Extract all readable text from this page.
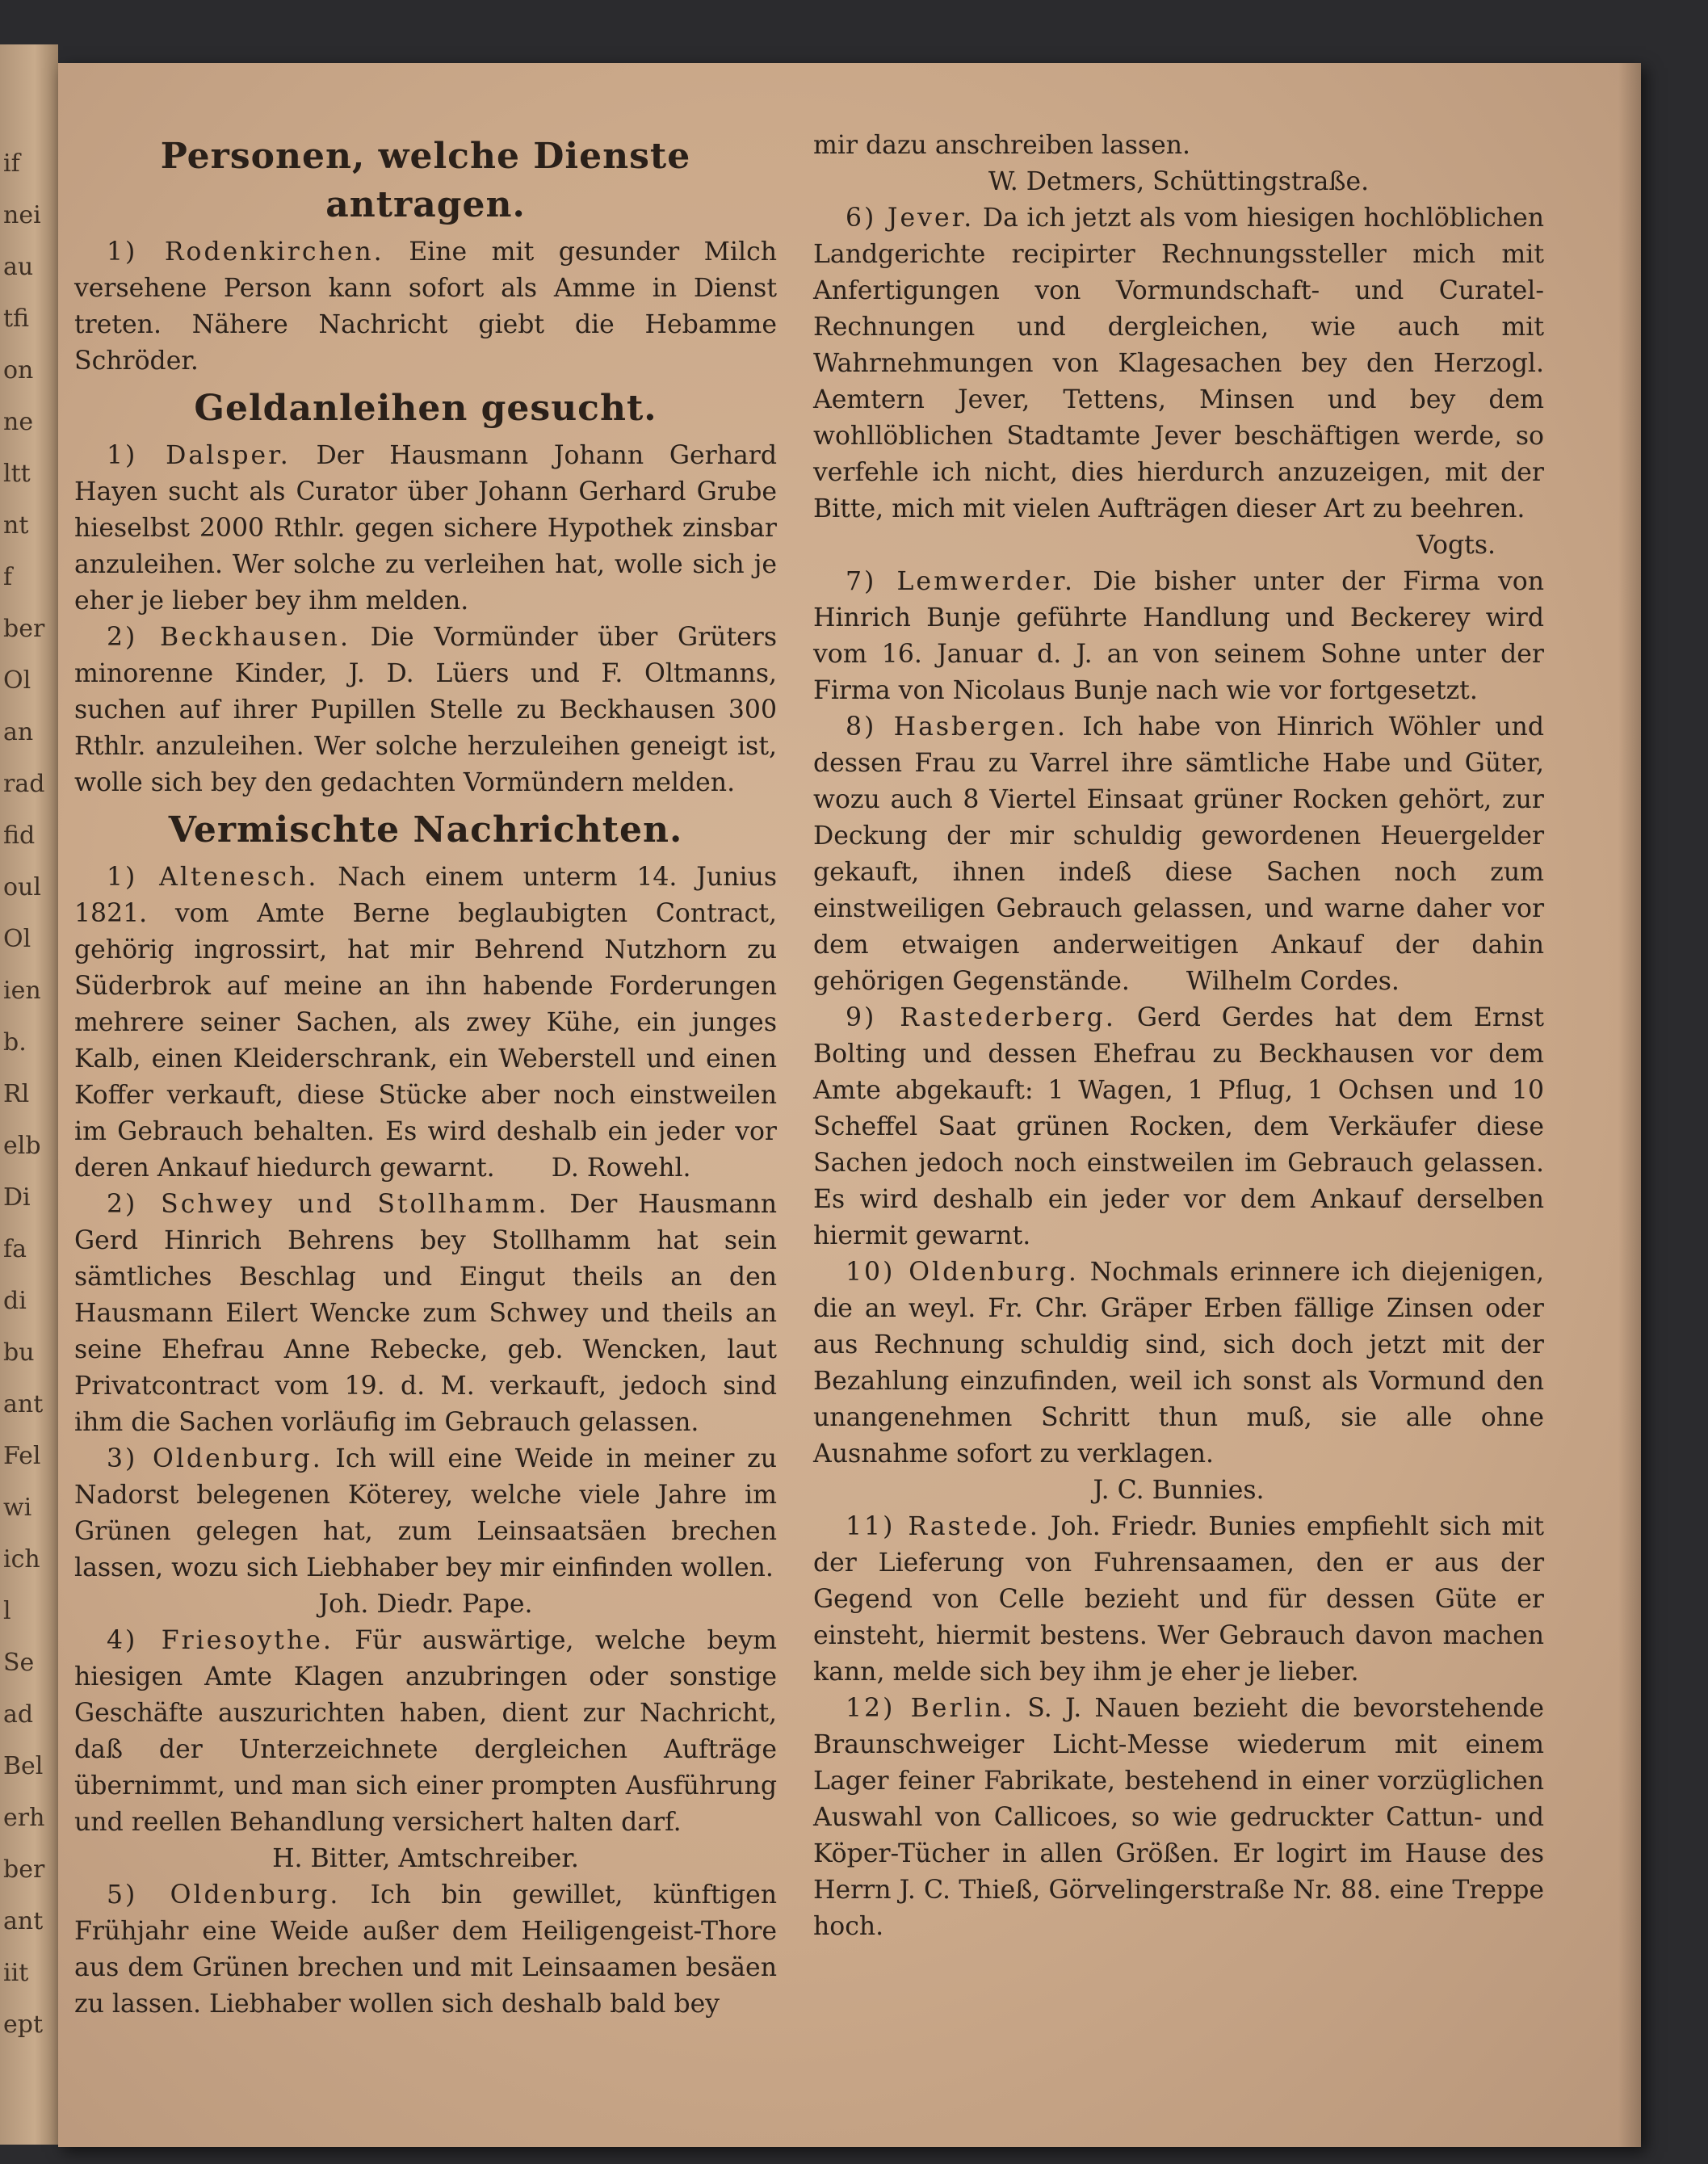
if
nei
au
tfi
on
ne
ltt
nt
f
ber
Ol
an
rad
fid
oul
Ol
ien
b.
Rl
elb
Di
fa
di
bu
ant
Fel
wi
ich
l
Se
ad
Bel
erh
ber
ant
iit
ept
Personen, welche Dienste antragen.

1) Rodenkirchen. Eine mit gesunder Milch versehene Person kann sofort als Amme in Dienst treten. Nähere Nachricht giebt die Hebamme Schröder.

Geldanleihen gesucht.

1) Dalsper. Der Hausmann Johann Gerhard Hayen sucht als Curator über Johann Gerhard Grube hieselbst 2000 Rthlr. gegen sichere Hypothek zinsbar anzuleihen. Wer solche zu verleihen hat, wolle sich je eher je lieber bey ihm melden.

2) Beckhausen. Die Vormünder über Grüters minorenne Kinder, J. D. Lüers und F. Oltmanns, suchen auf ihrer Pupillen Stelle zu Beckhausen 300 Rthlr. anzuleihen. Wer solche herzuleihen geneigt ist, wolle sich bey den gedachten Vormündern melden.

Vermischte Nachrichten.

1) Altenesch. Nach einem unterm 14. Junius 1821. vom Amte Berne beglaubigten Contract, gehörig ingrossirt, hat mir Behrend Nutzhorn zu Süderbrok auf meine an ihn habende Forderungen mehrere seiner Sachen, als zwey Kühe, ein junges Kalb, einen Kleiderschrank, ein Weberstell und einen Koffer verkauft, diese Stücke aber noch einstweilen im Gebrauch behalten. Es wird deshalb ein jeder vor deren Ankauf hiedurch gewarnt. D. Rowehl.

2) Schwey und Stollhamm. Der Hausmann Gerd Hinrich Behrens bey Stollhamm hat sein sämtliches Beschlag und Eingut theils an den Hausmann Eilert Wencke zum Schwey und theils an seine Ehefrau Anne Rebecke, geb. Wencken, laut Privatcontract vom 19. d. M. verkauft, jedoch sind ihm die Sachen vorläufig im Gebrauch gelassen.

3) Oldenburg. Ich will eine Weide in meiner zu Nadorst belegenen Köterey, welche viele Jahre im Grünen gelegen hat, zum Leinsaatsäen brechen lassen, wozu sich Liebhaber bey mir einfinden wollen.

Joh. Diedr. Pape.

4) Friesoythe. Für auswärtige, welche beym hiesigen Amte Klagen anzubringen oder sonstige Geschäfte auszurichten haben, dient zur Nachricht, daß der Unterzeichnete dergleichen Aufträge übernimmt, und man sich einer prompten Ausführung und reellen Behandlung versichert halten darf.

H. Bitter, Amtschreiber.

5) Oldenburg. Ich bin gewillet, künftigen Frühjahr eine Weide außer dem Heiligengeist-Thore aus dem Grünen brechen und mit Leinsaamen besäen zu lassen. Liebhaber wollen sich deshalb bald bey

mir dazu anschreiben lassen.

W. Detmers, Schüttingstraße.

6) Jever. Da ich jetzt als vom hiesigen hochlöblichen Landgerichte recipirter Rechnungssteller mich mit Anfertigungen von Vormundschaft- und Curatel-Rechnungen und dergleichen, wie auch mit Wahrnehmungen von Klagesachen bey den Herzogl. Aemtern Jever, Tettens, Minsen und bey dem wohllöblichen Stadtamte Jever beschäftigen werde, so verfehle ich nicht, dies hierdurch anzuzeigen, mit der Bitte, mich mit vielen Aufträgen dieser Art zu beehren.

Vogts.

7) Lemwerder. Die bisher unter der Firma von Hinrich Bunje geführte Handlung und Beckerey wird vom 16. Januar d. J. an von seinem Sohne unter der Firma von Nicolaus Bunje nach wie vor fortgesetzt.

8) Hasbergen. Ich habe von Hinrich Wöhler und dessen Frau zu Varrel ihre sämtliche Habe und Güter, wozu auch 8 Viertel Einsaat grüner Rocken gehört, zur Deckung der mir schuldig gewordenen Heuergelder gekauft, ihnen indeß diese Sachen noch zum einstweiligen Gebrauch gelassen, und warne daher vor dem etwaigen anderweitigen Ankauf der dahin gehörigen Gegenstände. Wilhelm Cordes.

9) Rastederberg. Gerd Gerdes hat dem Ernst Bolting und dessen Ehefrau zu Beckhausen vor dem Amte abgekauft: 1 Wagen, 1 Pflug, 1 Ochsen und 10 Scheffel Saat grünen Rocken, dem Verkäufer diese Sachen jedoch noch einstweilen im Gebrauch gelassen. Es wird deshalb ein jeder vor dem Ankauf derselben hiermit gewarnt.

10) Oldenburg. Nochmals erinnere ich diejenigen, die an weyl. Fr. Chr. Gräper Erben fällige Zinsen oder aus Rechnung schuldig sind, sich doch jetzt mit der Bezahlung einzufinden, weil ich sonst als Vormund den unangenehmen Schritt thun muß, sie alle ohne Ausnahme sofort zu verklagen.

J. C. Bunnies.

11) Rastede. Joh. Friedr. Bunies empfiehlt sich mit der Lieferung von Fuhrensaamen, den er aus der Gegend von Celle bezieht und für dessen Güte er einsteht, hiermit bestens. Wer Gebrauch davon machen kann, melde sich bey ihm je eher je lieber.

12) Berlin. S. J. Nauen bezieht die bevorstehende Braunschweiger Licht-Messe wiederum mit einem Lager feiner Fabrikate, bestehend in einer vorzüglichen Auswahl von Callicoes, so wie gedruckter Cattun- und Köper-Tücher in allen Größen. Er logirt im Hause des Herrn J. C. Thieß, Görvelingerstraße Nr. 88. eine Treppe hoch.
